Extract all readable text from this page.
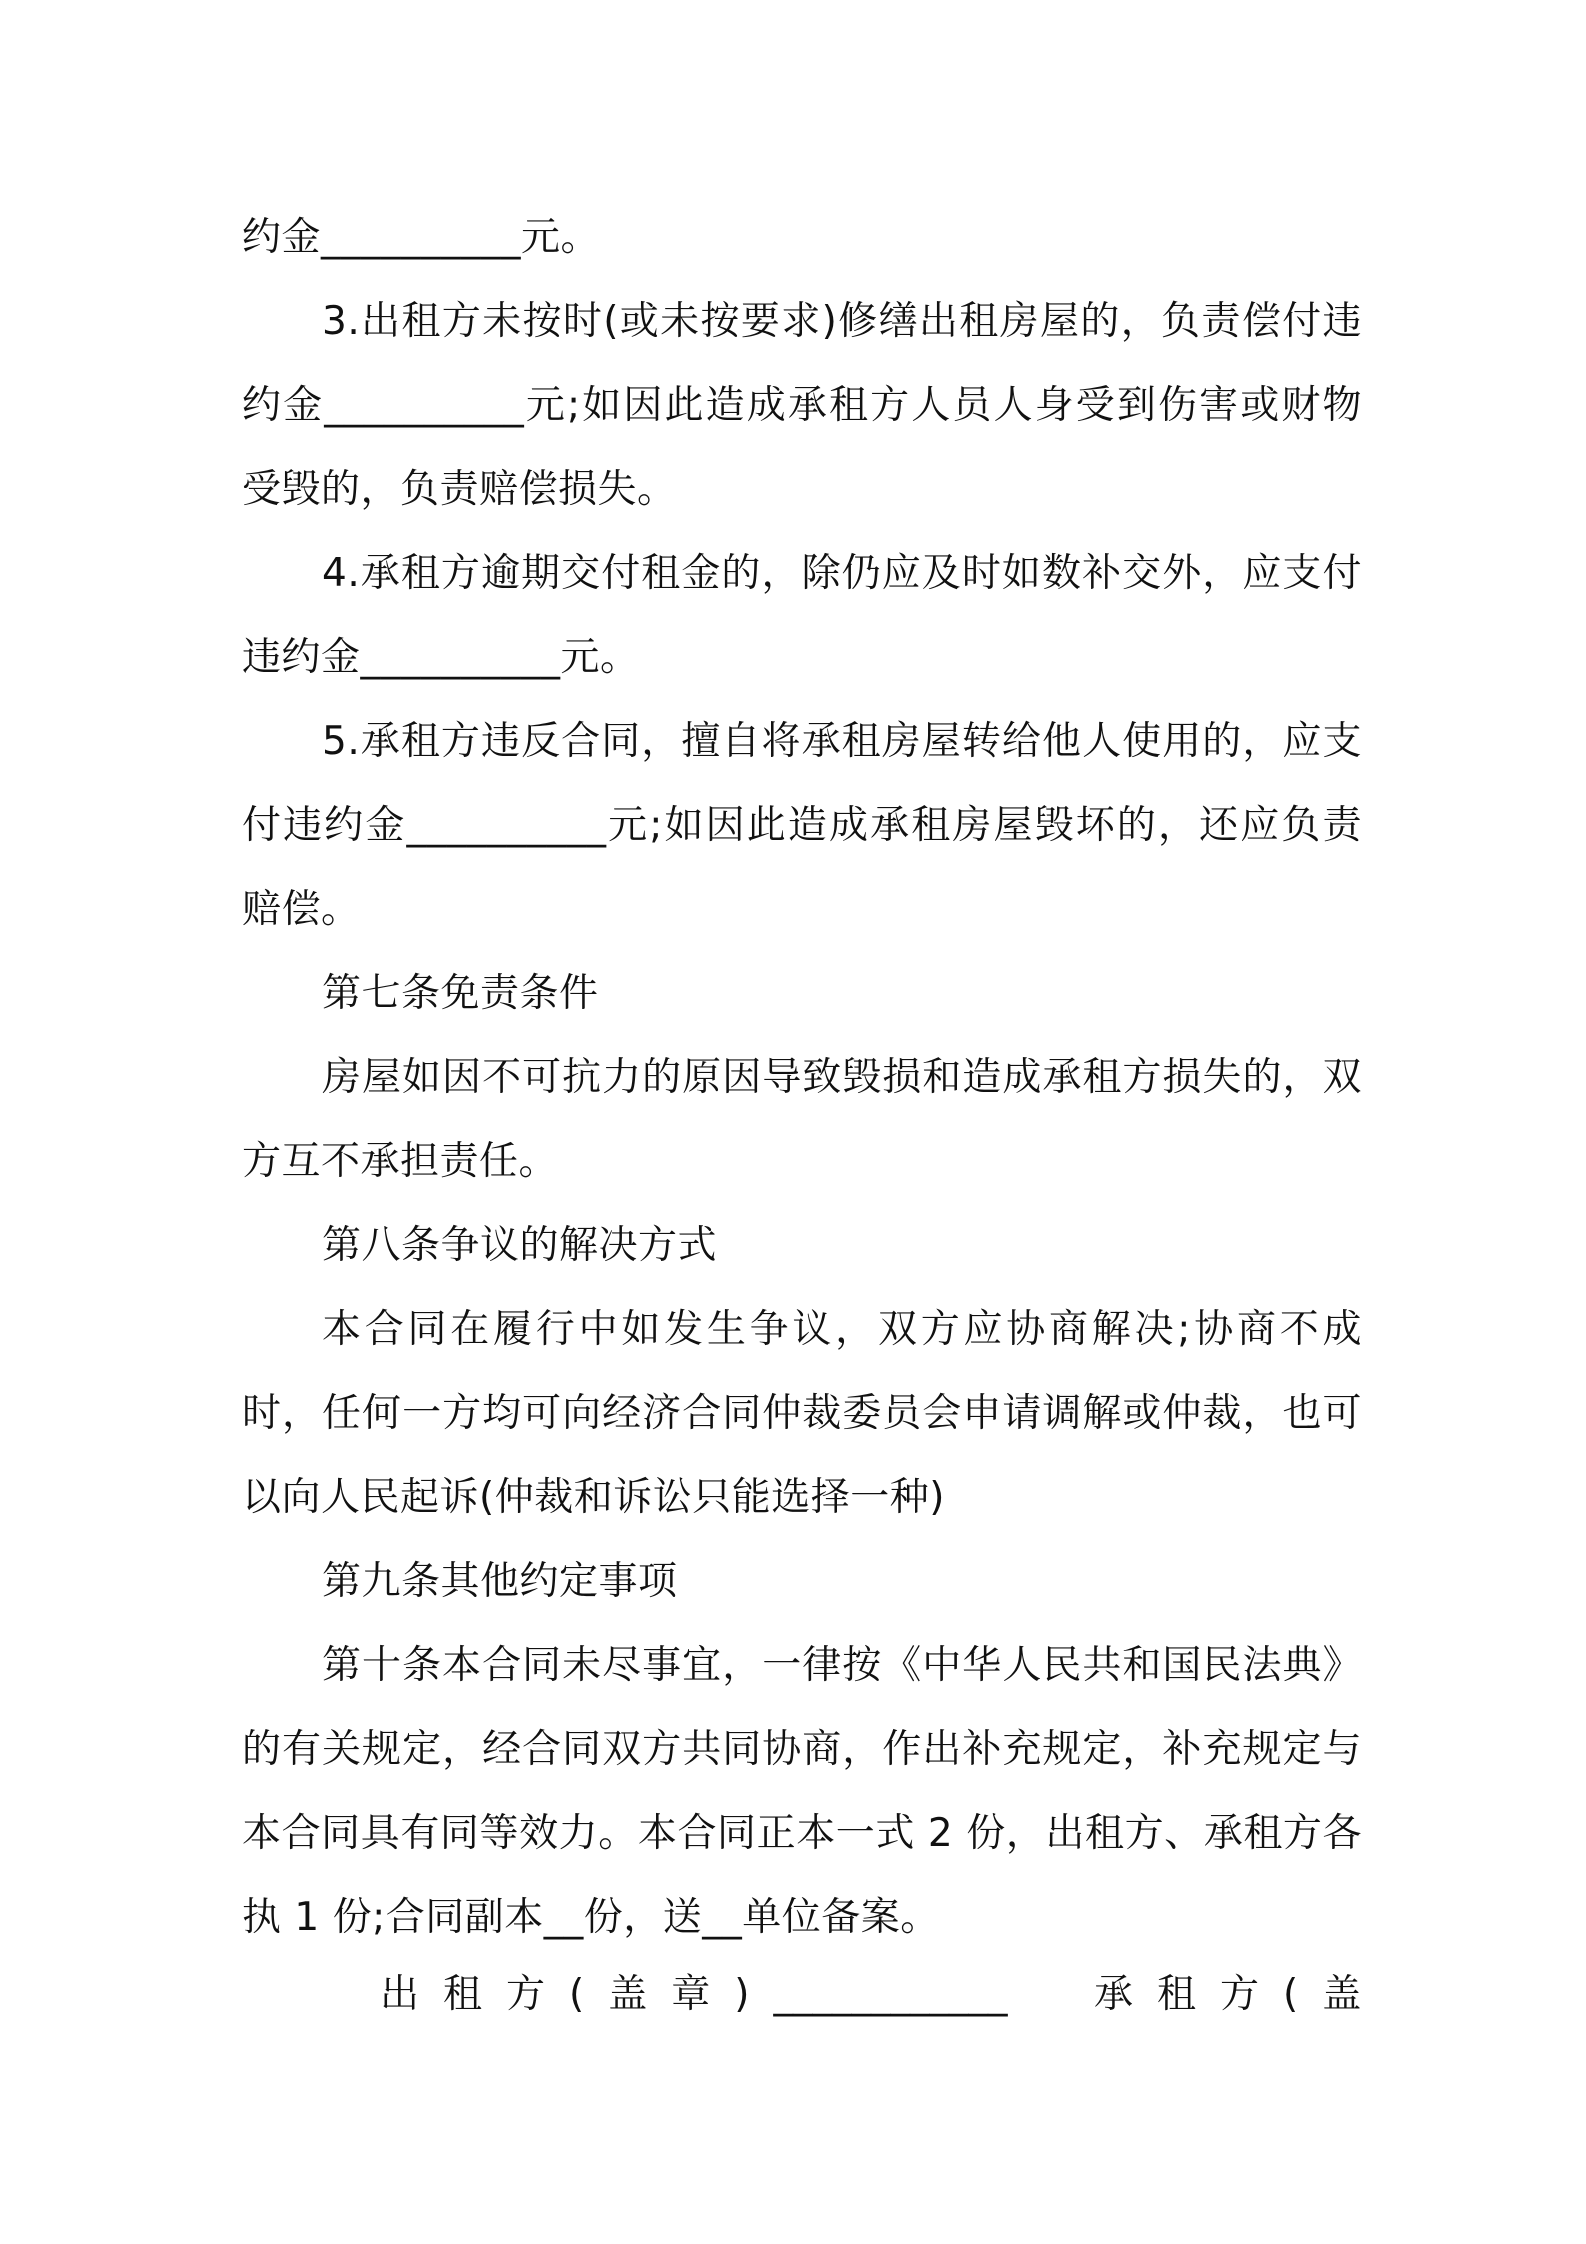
约金__________元。

3.出租方未按时(或未按要求)修缮出租房屋的，负责偿付违约金__________元;如因此造成承租方人员人身受到伤害或财物受毁的，负责赔偿损失。

4.承租方逾期交付租金的，除仍应及时如数补交外，应支付违约金__________元。

5.承租方违反合同，擅自将承租房屋转给他人使用的，应支付违约金__________元;如因此造成承租房屋毁坏的，还应负责赔偿。

第七条免责条件

房屋如因不可抗力的原因导致毁损和造成承租方损失的，双方互不承担责任。

第八条争议的解决方式

本合同在履行中如发生争议，双方应协商解决;协商不成时，任何一方均可向经济合同仲裁委员会申请调解或仲裁，也可以向人民起诉(仲裁和诉讼只能选择一种)

第九条其他约定事项

第十条本合同未尽事宜，一律按《中华人民共和国民法典》的有关规定，经合同双方共同协商，作出补充规定，补充规定与本合同具有同等效力。本合同正本一式 2 份，出租方、承租方各执 1 份;合同副本__份，送__单位备案。

出租方(盖章)____________ 承租方(盖
